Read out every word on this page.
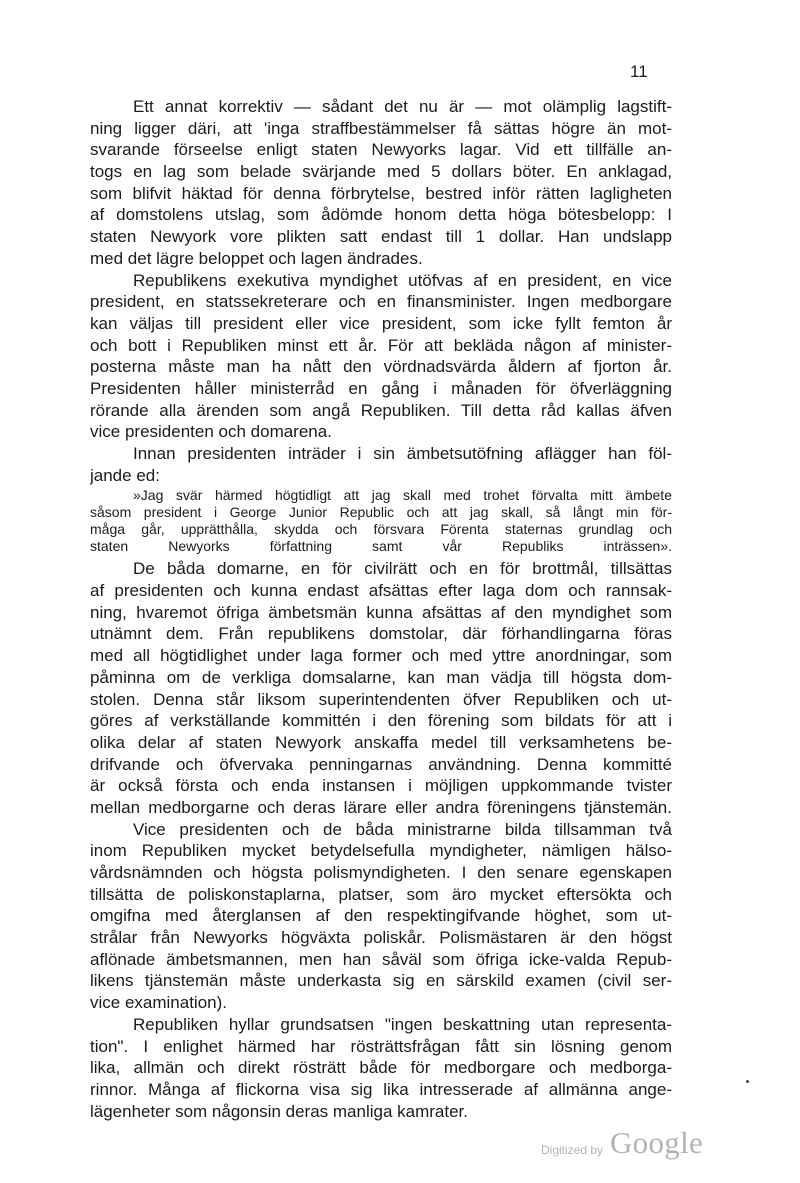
11
Ett annat korrektiv — sådant det nu är — mot olämplig lagstift-
ning ligger däri, att 'inga straffbestämmelser få sättas högre än mot-
svarande förseelse enligt staten Newyorks lagar. Vid ett tillfälle an-
togs en lag som belade svärjande med 5 dollars böter. En anklagad,
som blifvit häktad för denna förbrytelse, bestred inför rätten lagligheten
af domstolens utslag, som ådömde honom detta höga bötesbelopp: I
staten Newyork vore plikten satt endast till 1 dollar. Han undslapp
med det lägre beloppet och lagen ändrades.
Republikens exekutiva myndighet utöfvas af en president, en vice
president, en statssekreterare och en finansminister. Ingen medborgare
kan väljas till president eller vice president, som icke fyllt femton år
och bott i Republiken minst ett år. För att bekläda någon af minister-
posterna måste man ha nått den vördnadsvärda åldern af fjorton år.
Presidenten håller ministerråd en gång i månaden för öfverläggning
rörande alla ärenden som angå Republiken. Till detta råd kallas äfven
vice presidenten och domarena.
Innan presidenten inträder i sin ämbetsutöfning aflägger han föl-
jande ed:
»Jag svär härmed högtidligt att jag skall med trohet förvalta mitt ämbete
såsom president i George Junior Republic och att jag skall, så långt min för-
måga går, upprätthålla, skydda och försvara Förenta staternas grundlag och
staten Newyorks författning samt vår Republiks inträssen».
De båda domarne, en för civilrätt och en för brottmål, tillsättas
af presidenten och kunna endast afsättas efter laga dom och rannsak-
ning, hvaremot öfriga ämbetsmän kunna afsättas af den myndighet som
utnämnt dem. Från republikens domstolar, där förhandlingarna föras
med all högtidlighet under laga former och med yttre anordningar, som
påminna om de verkliga domsalarne, kan man vädja till högsta dom-
stolen. Denna står liksom superintendenten öfver Republiken och ut-
göres af verkställande kommittén i den förening som bildats för att i
olika delar af staten Newyork anskaffa medel till verksamhetens be-
drifvande och öfvervaka penningarnas användning. Denna kommitté
är också första och enda instansen i möjligen uppkommande tvister
mellan medborgarne och deras lärare eller andra föreningens tjänstemän.
Vice presidenten och de båda ministrarne bilda tillsamman två
inom Republiken mycket betydelsefulla myndigheter, nämligen hälso-
vårdsnämnden och högsta polismyndigheten. I den senare egenskapen
tillsätta de poliskonstaplarna, platser, som äro mycket eftersökta och
omgifna med återglansen af den respektingifvande höghet, som ut-
strålar från Newyorks högväxta poliskår. Polismästaren är den högst
aflönade ämbetsmannen, men han såväl som öfriga icke-valda Repub-
likens tjänstemän måste underkasta sig en särskild examen (civil ser-
vice examination).
Republiken hyllar grundsatsen "ingen beskattning utan representa-
tion". I enlighet härmed har rösträttsfrågan fått sin lösning genom
lika, allmän och direkt rösträtt både för medborgare och medborga-
rinnor. Många af flickorna visa sig lika intresserade af allmänna ange-
lägenheter som någonsin deras manliga kamrater.
Digitized by Google
